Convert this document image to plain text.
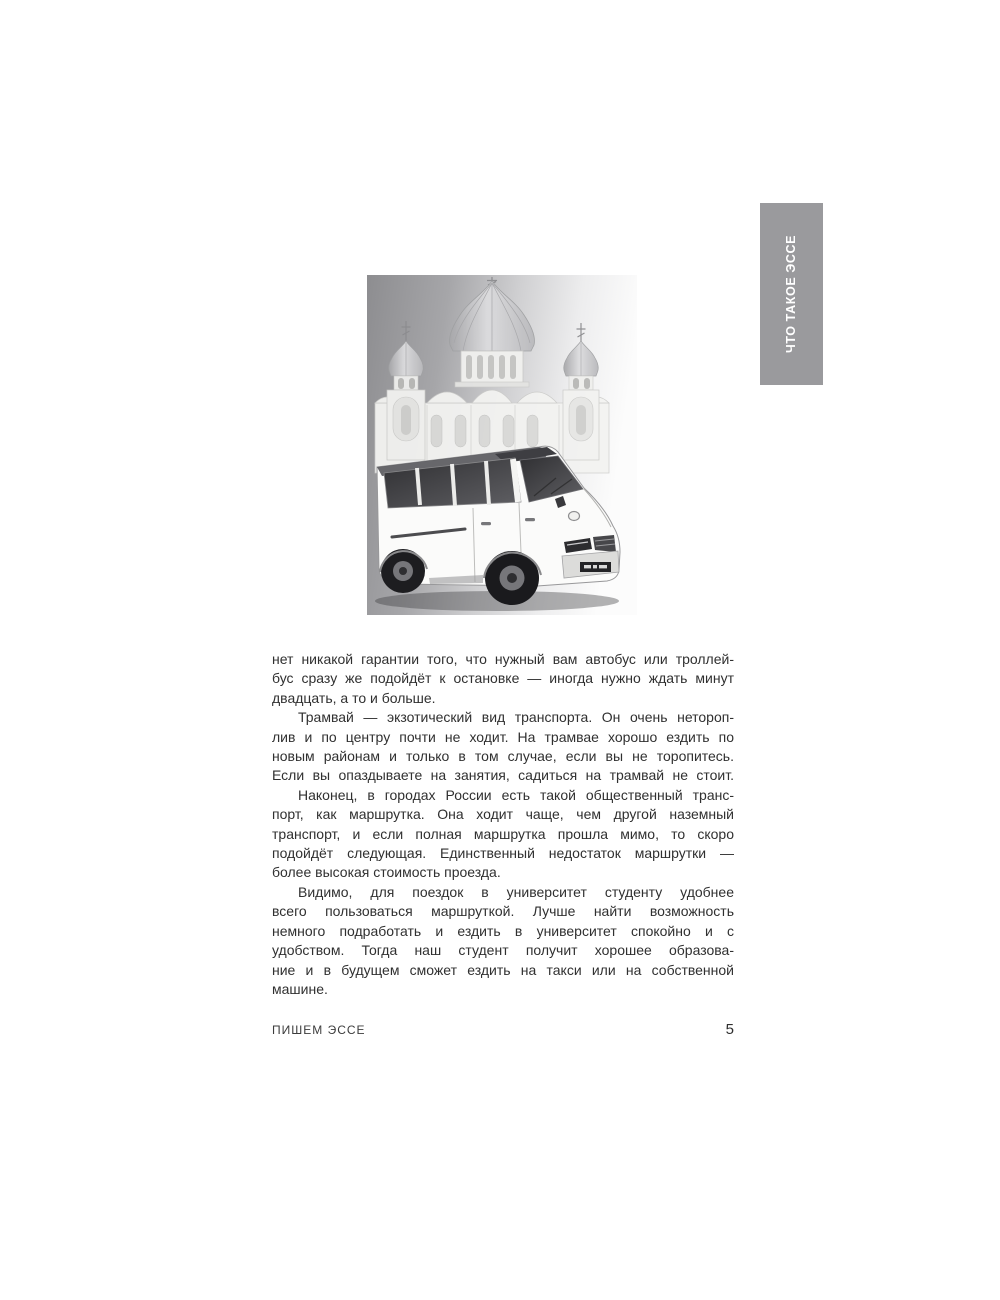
ЧТО ТАКОЕ ЭССЕ
нет никакой гарантии того, что нужный вам автобус или троллей-
бус сразу же подойдёт к остановке — иногда нужно ждать минут
двадцать, а то и больше.
Трамвай — экзотический вид транспорта. Он очень нетороп-
лив и по центру почти не ходит. На трамвае хорошо ездить по
новым районам и только в том случае, если вы не торопитесь.
Если вы опаздываете на занятия, садиться на трамвай не стоит.
Наконец, в городах России есть такой общественный транс-
порт, как маршрутка. Она ходит чаще, чем другой наземный
транспорт, и если полная маршрутка прошла мимо, то скоро
подойдёт следующая. Единственный недостаток маршрутки —
более высокая стоимость проезда.
Видимо, для поездок в университет студенту удобнее
всего пользоваться маршруткой. Лучше найти возможность
немного подработать и ездить в университет спокойно и с
удобством. Тогда наш студент получит хорошее образова-
ние и в будущем сможет ездить на такси или на собственной
машине.
ПИШЕМ ЭССЕ	5
